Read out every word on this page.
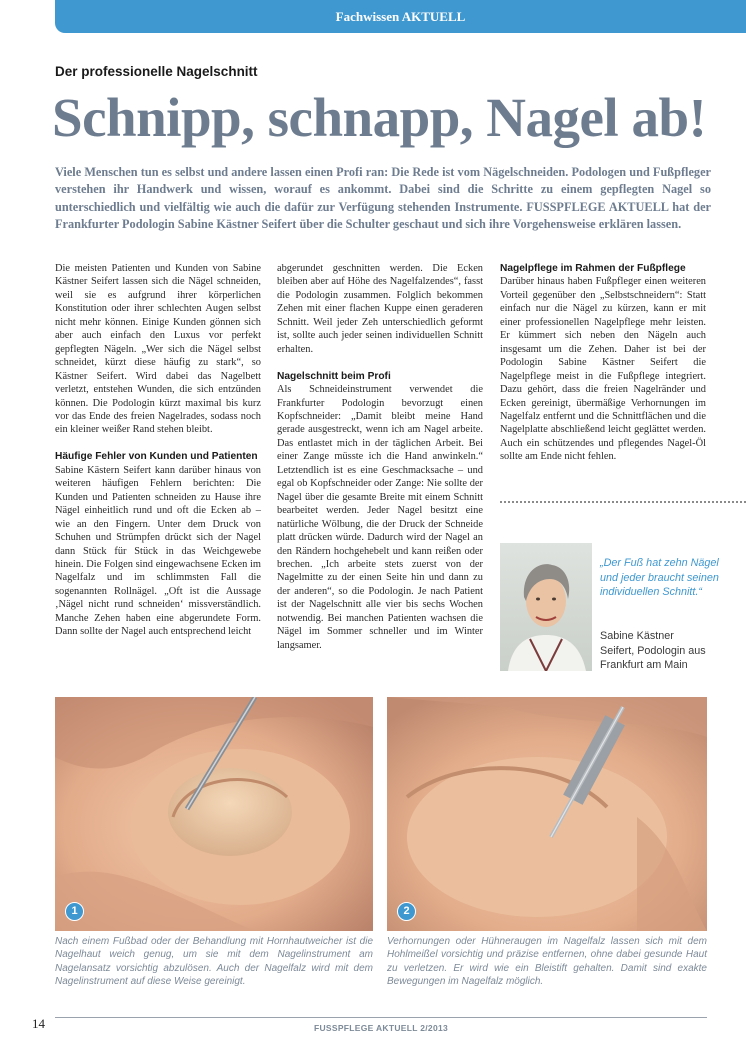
Fachwissen AKTUELL
Der professionelle Nagelschnitt
Schnipp, schnapp, Nagel ab!

Viele Menschen tun es selbst und andere lassen einen Profi ran: Die Rede ist vom Nägelschneiden. Podologen und Fußpfleger verstehen ihr Handwerk und wissen, worauf es ankommt. Dabei sind die Schritte zu einem gepflegten Nagel so unterschiedlich und vielfältig wie auch die dafür zur Verfügung stehenden Instrumente. FUSSPFLEGE AKTUELL hat der Frankfurter Podologin Sabine Kästner Seifert über die Schulter geschaut und sich ihre Vorgehensweise erklären lassen.

Die meisten Patienten und Kunden von Sabine Kästner Seifert lassen sich die Nägel schneiden, weil sie es aufgrund ihrer körperlichen Konstitution oder ihrer schlechten Augen selbst nicht mehr können. Einige Kunden gönnen sich aber auch einfach den Luxus vor perfekt gepflegten Nägeln. „Wer sich die Nägel selbst schneidet, kürzt diese häufig zu stark“, so Kästner Seifert. Wird dabei das Nagelbett verletzt, entstehen Wunden, die sich entzünden können. Die Podologin kürzt maximal bis kurz vor das Ende des freien Nagelrades, sodass noch ein kleiner weißer Rand stehen bleibt.

Häufige Fehler von Kunden und Patienten

Sabine Kästern Seifert kann darüber hinaus von weiteren häufigen Fehlern berichten: Die Kunden und Patienten schneiden zu Hause ihre Nägel einheitlich rund und oft die Ecken ab – wie an den Fingern. Unter dem Druck von Schuhen und Strümpfen drückt sich der Nagel dann Stück für Stück in das Weichgewebe hinein. Die Folgen sind eingewachsene Ecken im Nagelfalz und im schlimmsten Fall die sogenannten Rollnägel. „Oft ist die Aussage ‚Nägel nicht rund schneiden‘ missverständlich. Manche Zehen haben eine abgerundete Form. Dann sollte der Nagel auch entsprechend leicht

abgerundet geschnitten werden. Die Ecken bleiben aber auf Höhe des Nagelfalzendes“, fasst die Podologin zusammen. Folglich bekommen Zehen mit einer flachen Kuppe einen geraderen Schnitt. Weil jeder Zeh unterschiedlich geformt ist, sollte auch jeder seinen individuellen Schnitt erhalten.

Nagelschnitt beim Profi

Als Schneideinstrument verwendet die Frankfurter Podologin bevorzugt einen Kopfschneider: „Damit bleibt meine Hand gerade ausgestreckt, wenn ich am Nagel arbeite. Das entlastet mich in der täglichen Arbeit. Bei einer Zange müsste ich die Hand anwinkeln.“ Letztendlich ist es eine Geschmacksache – und egal ob Kopfschneider oder Zange: Nie sollte der Nagel über die gesamte Breite mit einem Schnitt bearbeitet werden. Jeder Nagel besitzt eine natürliche Wölbung, die der Druck der Schneide platt drücken würde. Dadurch wird der Nagel an den Rändern hochgehebelt und kann reißen oder brechen. „Ich arbeite stets zuerst von der Nagelmitte zu der einen Seite hin und dann zu der anderen“, so die Podologin. Je nach Patient ist der Nagelschnitt alle vier bis sechs Wochen notwendig. Bei manchen Patienten wachsen die Nägel im Sommer schneller und im Winter langsamer.

Nagelpflege im Rahmen der Fußpflege

Darüber hinaus haben Fußpfleger einen weiteren Vorteil gegenüber den „Selbstschneidern“: Statt einfach nur die Nägel zu kürzen, kann er mit einer professionellen Nagelpflege mehr leisten. Er kümmert sich neben den Nägeln auch insgesamt um die Zehen. Daher ist bei der Podologin Sabine Kästner Seifert die Nagelpflege meist in die Fußpflege integriert. Dazu gehört, dass die freien Nagelränder und Ecken gereinigt, übermäßige Verhornungen im Nagelfalz entfernt und die Schnittflächen und die Nagelplatte abschließend leicht geglättet werden. Auch ein schützendes und pflegendes Nagel-Öl sollte am Ende nicht fehlen.

„Der Fuß hat zehn Nägel und jeder braucht seinen individuellen Schnitt.“
Sabine Kästner
Seifert, Podologin aus
Frankfurt am Main
1	2

Nach einem Fußbad oder der Behandlung mit Hornhautweicher ist die Nagelhaut weich genug, um sie mit dem Nagelinstrument am Nagelansatz vorsichtig abzulösen. Auch der Nagelfalz wird mit dem Nagelinstrument auf diese Weise gereinigt.

Verhornungen oder Hühneraugen im Nagelfalz lassen sich mit dem Hohlmeißel vorsichtig und präzise entfernen, ohne dabei gesunde Haut zu verletzen. Er wird wie ein Bleistift gehalten. Damit sind exakte Bewegungen im Nagelfalz möglich.

14	FUSSPFLEGE AKTUELL 2/2013
